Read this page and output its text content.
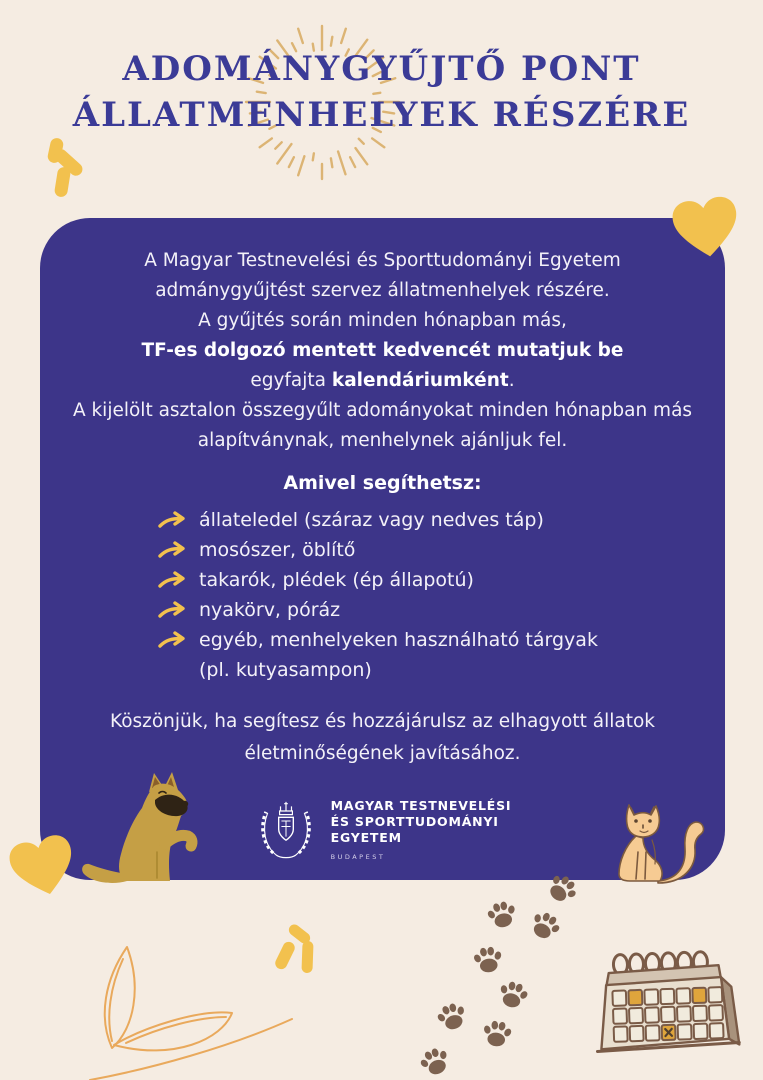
ADOMÁNYGYŰJTŐ PONT
ÁLLATMENHELYEK RÉSZÉRE
A Magyar Testnevelési és Sporttudományi Egyetem
admánygyűjtést szervez állatmenhelyek részére.
A gyűjtés során minden hónapban más,
TF-es dolgozó mentett kedvencét mutatjuk be
egyfajta kalendáriumként.
A kijelölt asztalon összegyűlt adományokat minden hónapban más
alapítványnak, menhelynek ajánljuk fel.
Amivel segíthetsz:
állateledel (száraz vagy nedves táp)
mosószer, öblítő
takarók, plédek (ép állapotú)
nyakörv, póráz
egyéb, menhelyeken használható tárgyak
(pl. kutyasampon)
Köszönjük, ha segítesz és hozzájárulsz az elhagyott állatok
életminőségének javításához.
MAGYAR TESTNEVELÉSI
ÉS SPORTTUDOMÁNYI
EGYETEM
BUDAPEST
